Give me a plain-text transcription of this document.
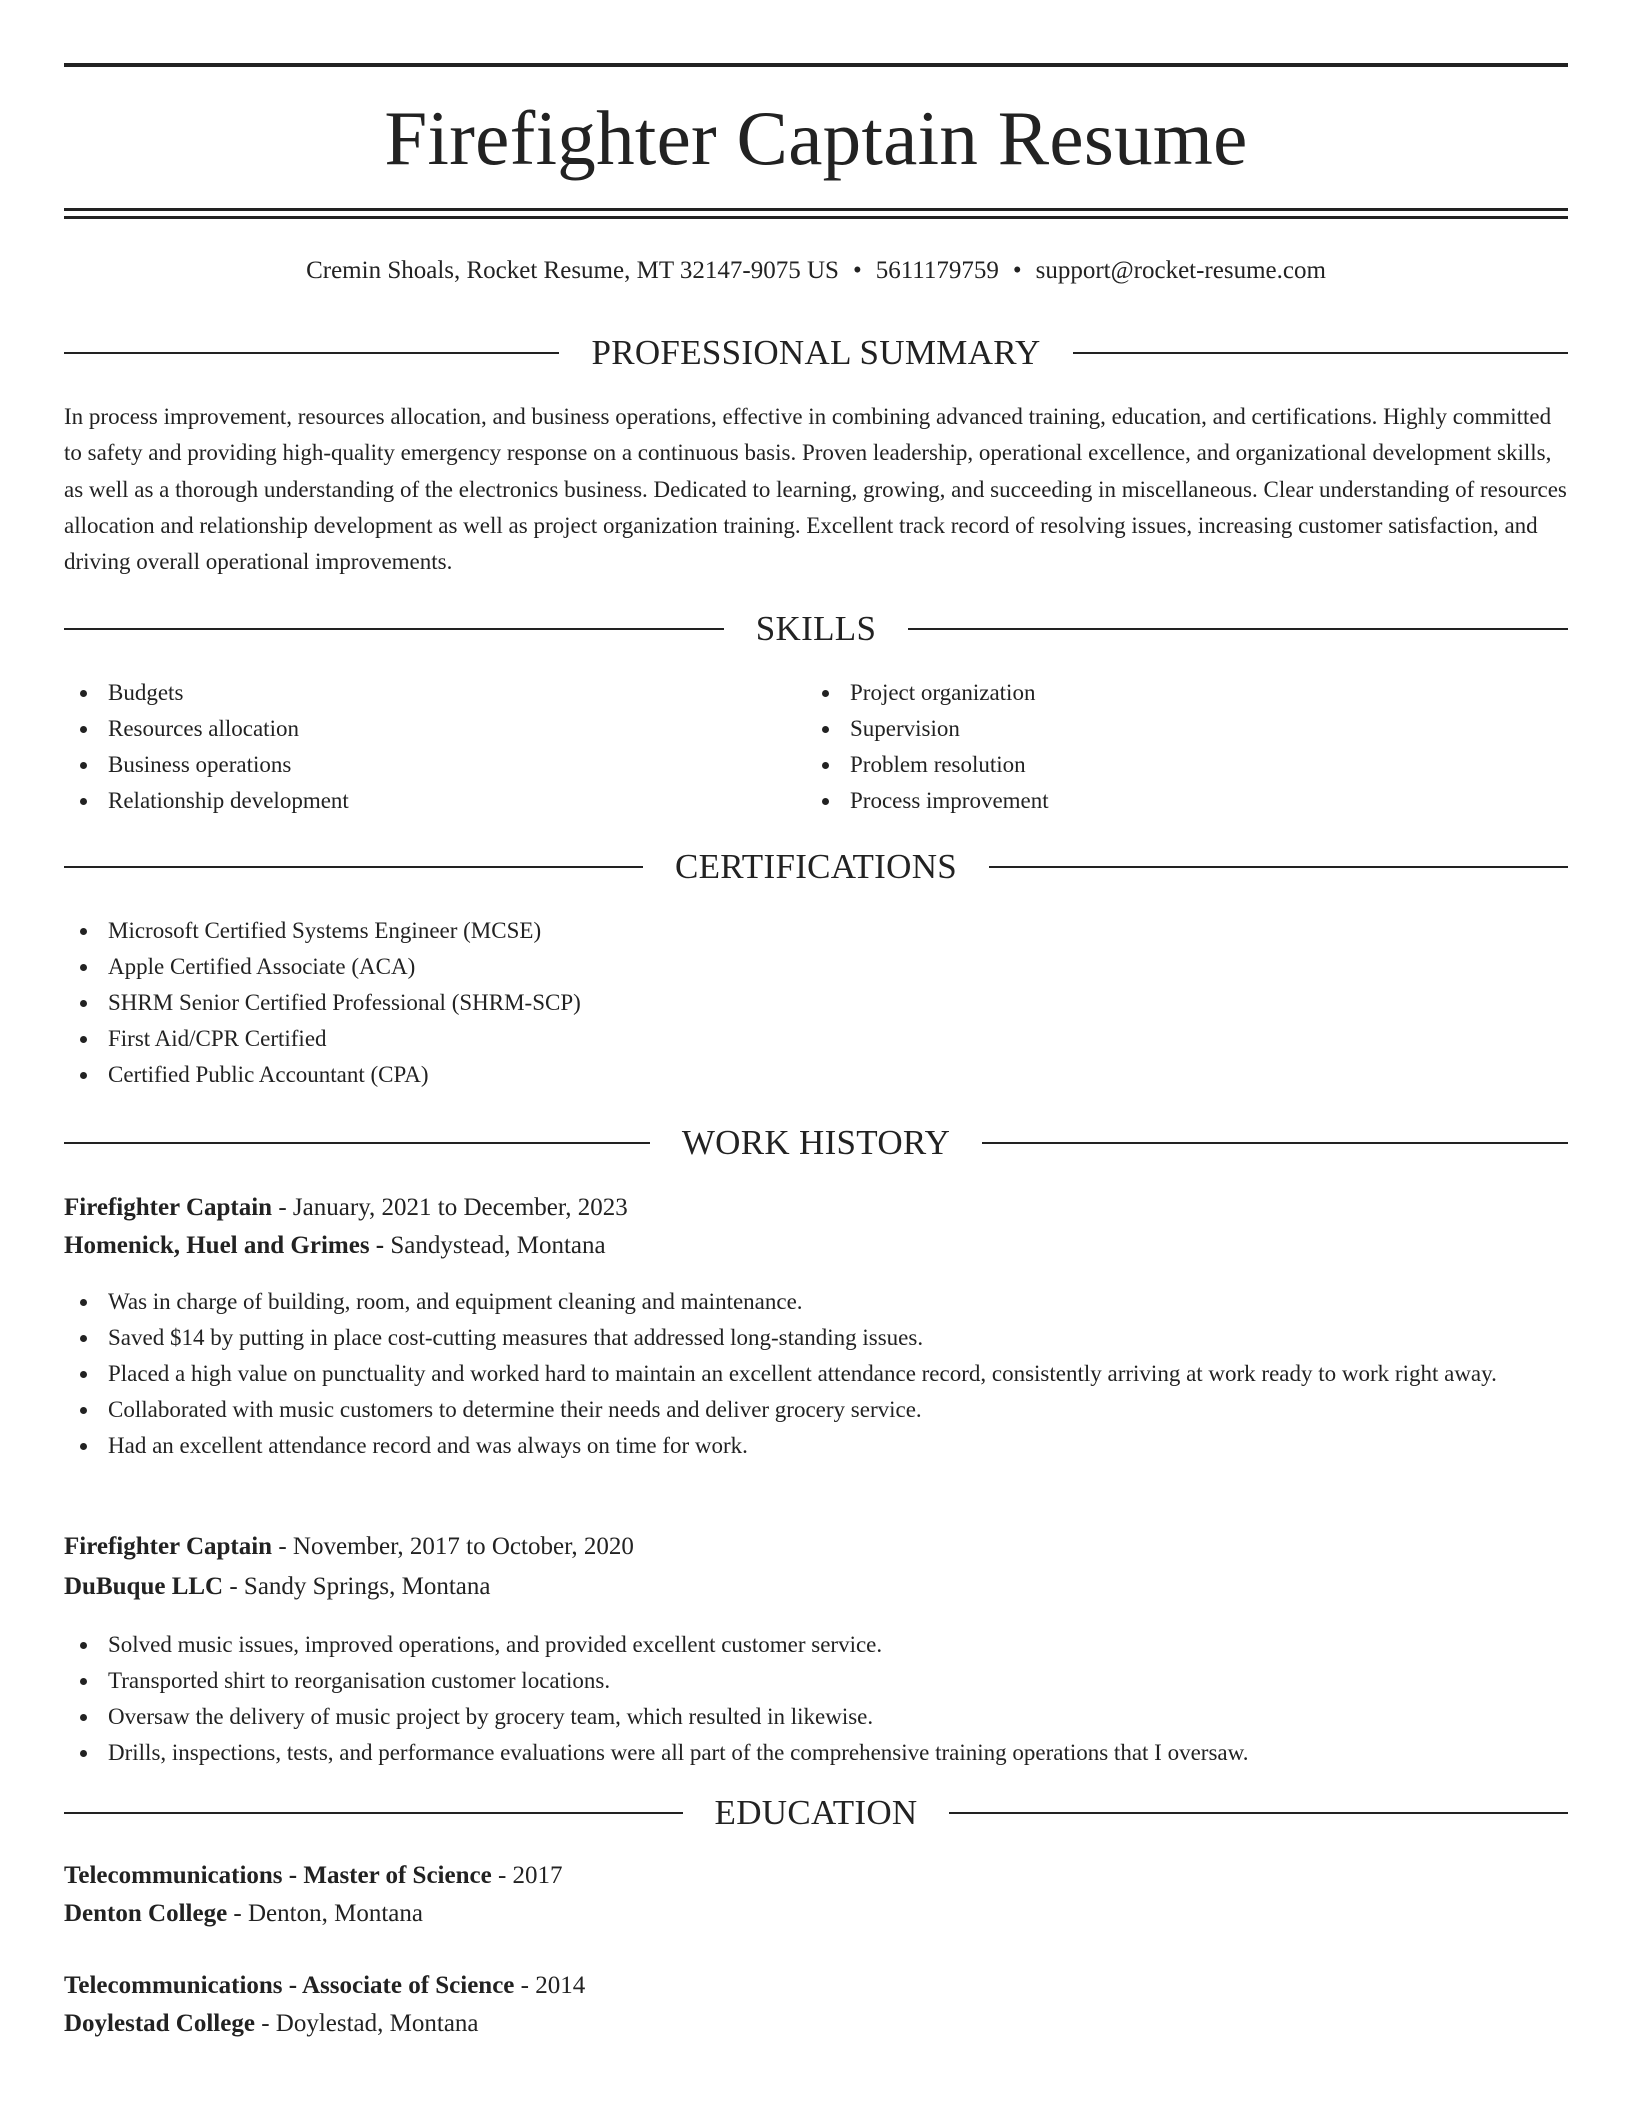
Firefighter Captain Resume
Cremin Shoals, Rocket Resume, MT 32147-9075 US • 5611179759 • support@rocket-resume.com
PROFESSIONAL SUMMARY
In process improvement, resources allocation, and business operations, effective in combining advanced training, education, and certifications. Highly committed to safety and providing high-quality emergency response on a continuous basis. Proven leadership, operational excellence, and organizational development skills, as well as a thorough understanding of the electronics business. Dedicated to learning, growing, and succeeding in miscellaneous. Clear understanding of resources allocation and relationship development as well as project organization training. Excellent track record of resolving issues, increasing customer satisfaction, and driving overall operational improvements.
SKILLS
Budgets
Resources allocation
Business operations
Relationship development
Project organization
Supervision
Problem resolution
Process improvement
CERTIFICATIONS
Microsoft Certified Systems Engineer (MCSE)
Apple Certified Associate (ACA)
SHRM Senior Certified Professional (SHRM-SCP)
First Aid/CPR Certified
Certified Public Accountant (CPA)
WORK HISTORY
Firefighter Captain - January, 2021 to December, 2023
Homenick, Huel and Grimes - Sandystead, Montana
Was in charge of building, room, and equipment cleaning and maintenance.
Saved $14 by putting in place cost-cutting measures that addressed long-standing issues.
Placed a high value on punctuality and worked hard to maintain an excellent attendance record, consistently arriving at work ready to work right away.
Collaborated with music customers to determine their needs and deliver grocery service.
Had an excellent attendance record and was always on time for work.
Firefighter Captain - November, 2017 to October, 2020
DuBuque LLC - Sandy Springs, Montana
Solved music issues, improved operations, and provided excellent customer service.
Transported shirt to reorganisation customer locations.
Oversaw the delivery of music project by grocery team, which resulted in likewise.
Drills, inspections, tests, and performance evaluations were all part of the comprehensive training operations that I oversaw.
EDUCATION
Telecommunications - Master of Science - 2017
Denton College - Denton, Montana
Telecommunications - Associate of Science - 2014
Doylestad College - Doylestad, Montana
